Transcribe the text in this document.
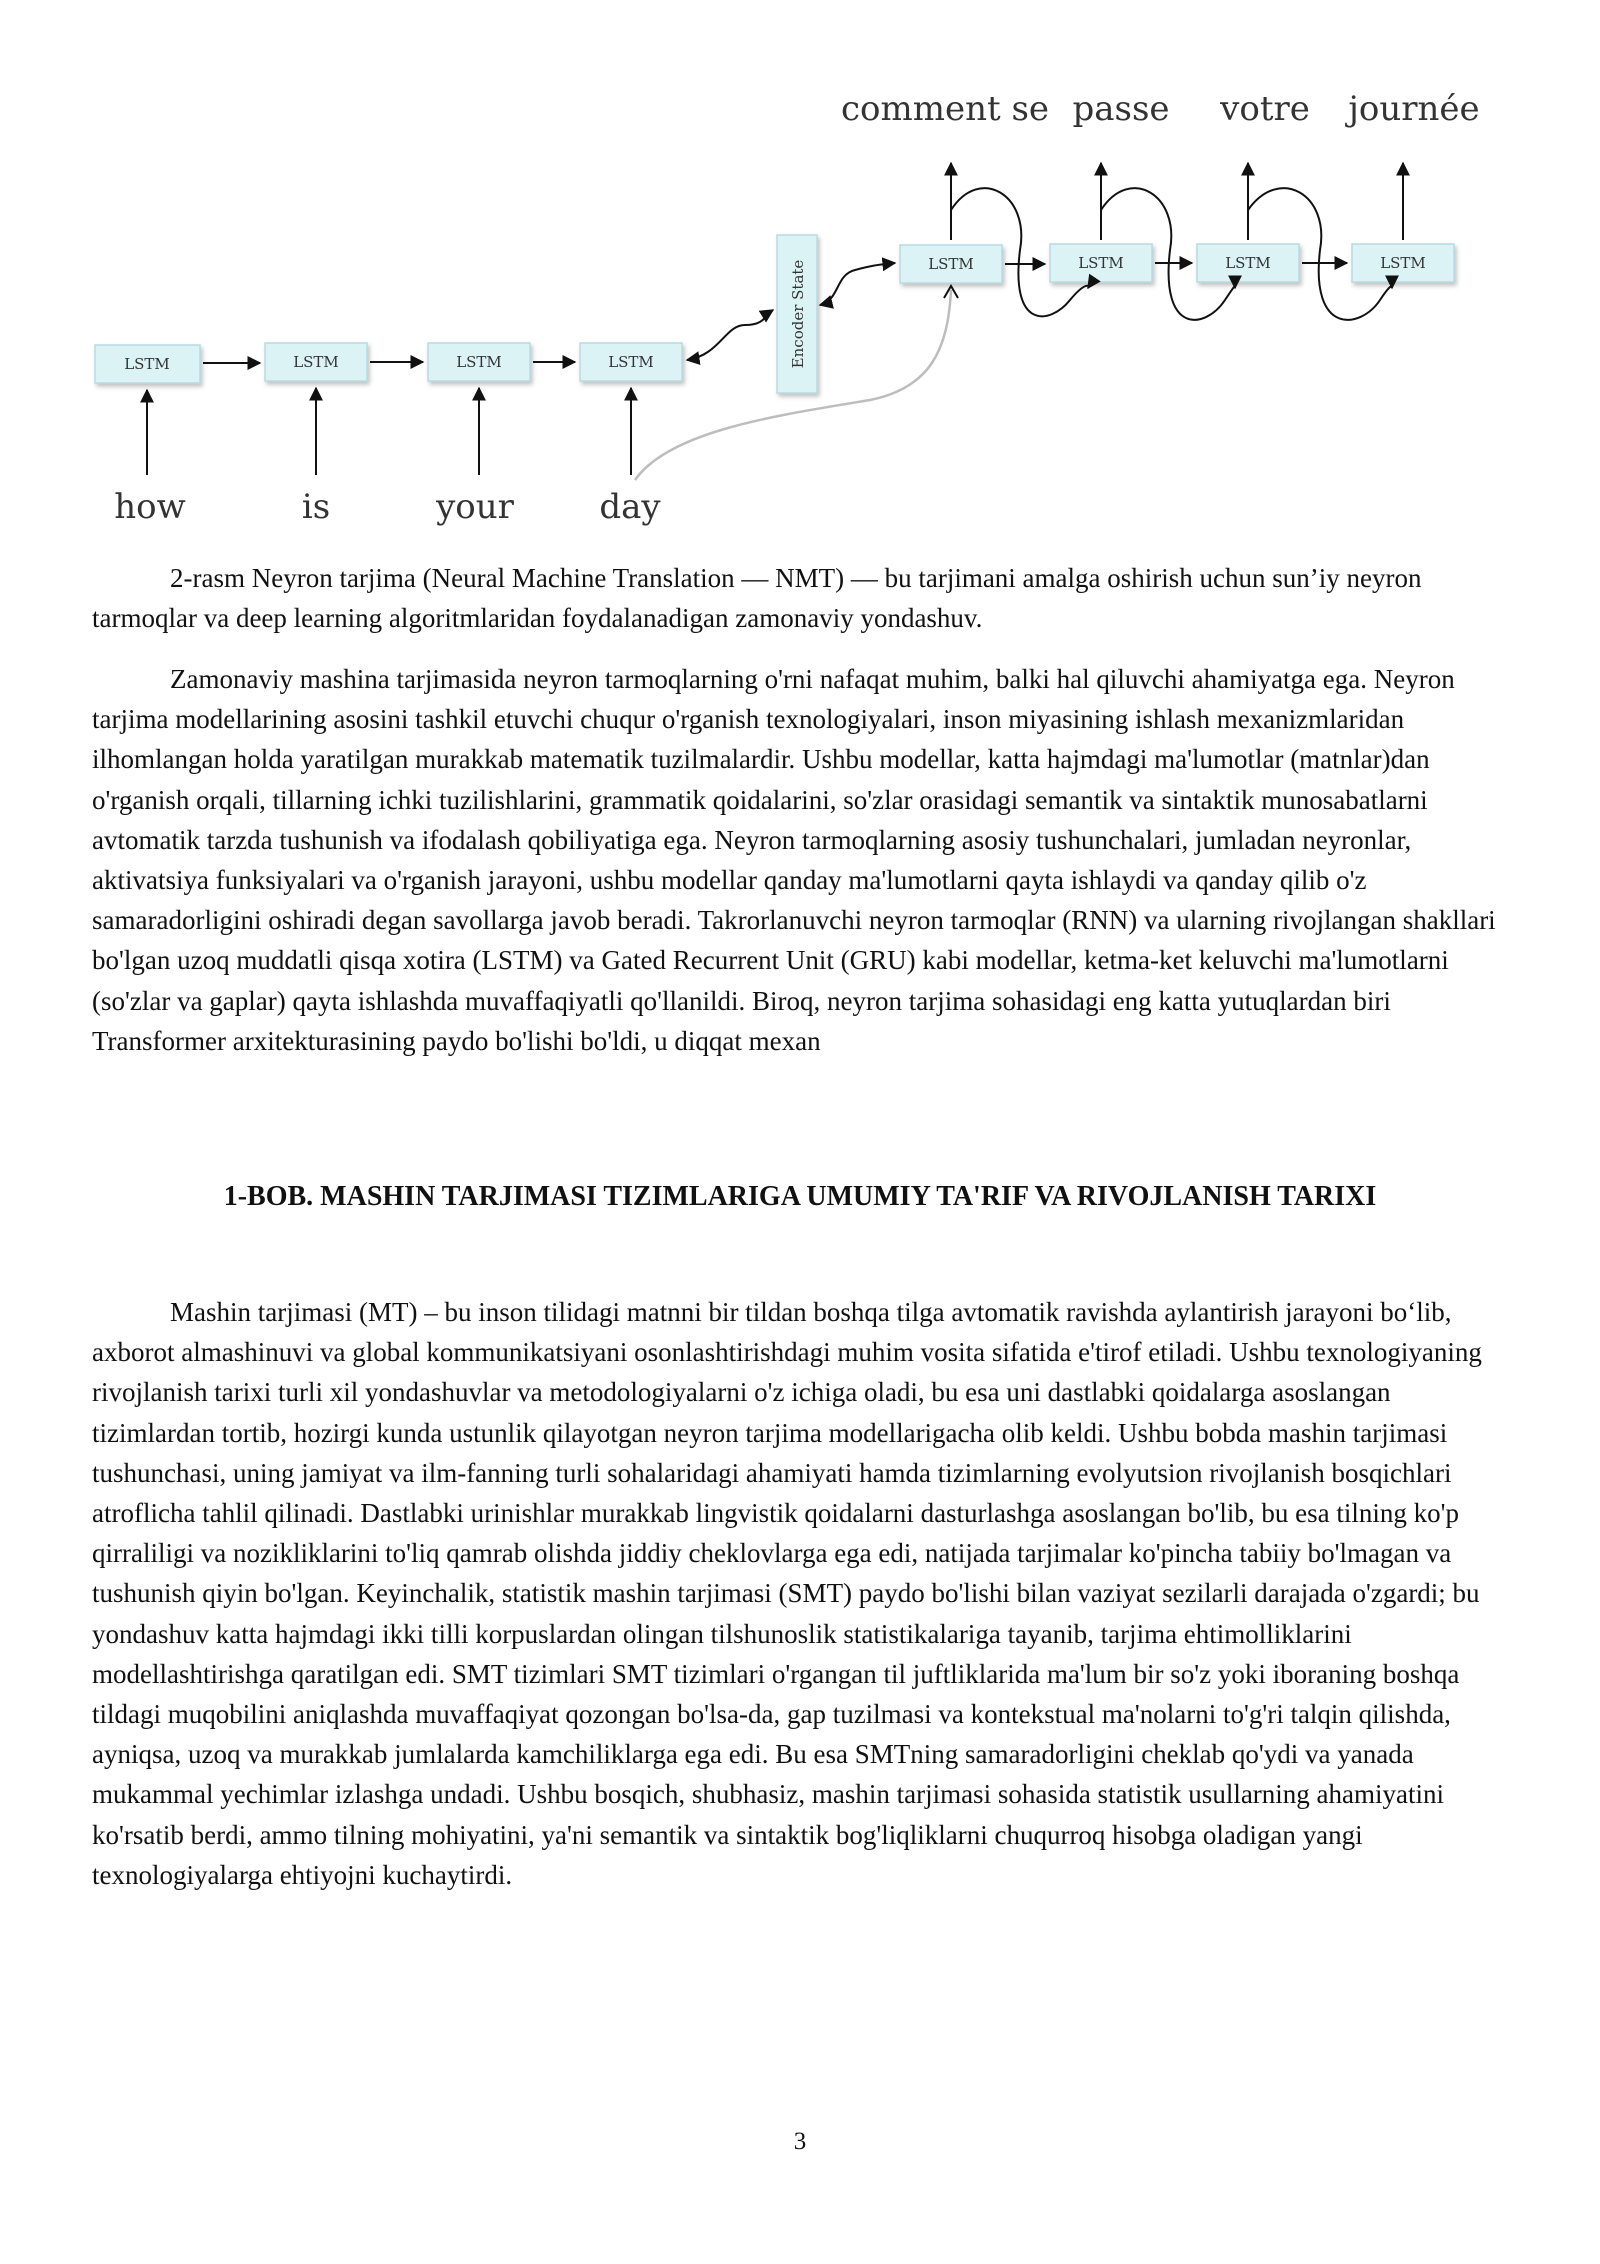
LSTM	LSTM	LSTM	LSTM	Encoder State	LSTM	LSTM	LSTM	LSTM
how	is	your	day
comment se passe votre journée

2-rasm Neyron tarjima (Neural Machine Translation — NMT) — bu tarjimani amalga oshirish uchun sun’iy neyron tarmoqlar va deep learning algoritmlaridan foydalanadigan zamonaviy yondashuv.

Zamonaviy mashina tarjimasida neyron tarmoqlarning o'rni nafaqat muhim, balki hal qiluvchi ahamiyatga ega. Neyron tarjima modellarining asosini tashkil etuvchi chuqur o'rganish texnologiyalari, inson miyasining ishlash mexanizmlaridan ilhomlangan holda yaratilgan murakkab matematik tuzilmalardir. Ushbu modellar, katta hajmdagi ma'lumotlar (matnlar)dan o'rganish orqali, tillarning ichki tuzilishlarini, grammatik qoidalarini, so'zlar orasidagi semantik va sintaktik munosabatlarni avtomatik tarzda tushunish va ifodalash qobiliyatiga ega. Neyron tarmoqlarning asosiy tushunchalari, jumladan neyronlar, aktivatsiya funksiyalari va o'rganish jarayoni, ushbu modellar qanday ma'lumotlarni qayta ishlaydi va qanday qilib o'z samaradorligini oshiradi degan savollarga javob beradi. Takrorlanuvchi neyron tarmoqlar (RNN) va ularning rivojlangan shakllari bo'lgan uzoq muddatli qisqa xotira (LSTM) va Gated Recurrent Unit (GRU) kabi modellar, ketma-ket keluvchi ma'lumotlarni (so'zlar va gaplar) qayta ishlashda muvaffaqiyatli qo'llanildi. Biroq, neyron tarjima sohasidagi eng katta yutuqlardan biri Transformer arxitekturasining paydo bo'lishi bo'ldi, u diqqat mexan

1-BOB. MASHIN TARJIMASI TIZIMLARIGA UMUMIY TA'RIF VA RIVOJLANISH TARIXI

Mashin tarjimasi (MT) – bu inson tilidagi matnni bir tildan boshqa tilga avtomatik ravishda aylantirish jarayoni bo‘lib, axborot almashinuvi va global kommunikatsiyani osonlashtirishdagi muhim vosita sifatida e'tirof etiladi. Ushbu texnologiyaning rivojlanish tarixi turli xil yondashuvlar va metodologiyalarni o'z ichiga oladi, bu esa uni dastlabki qoidalarga asoslangan tizimlardan tortib, hozirgi kunda ustunlik qilayotgan neyron tarjima modellarigacha olib keldi. Ushbu bobda mashin tarjimasi tushunchasi, uning jamiyat va ilm-fanning turli sohalaridagi ahamiyati hamda tizimlarning evolyutsion rivojlanish bosqichlari atroflicha tahlil qilinadi. Dastlabki urinishlar murakkab lingvistik qoidalarni dasturlashga asoslangan bo'lib, bu esa tilning ko'p qirraliligi va nozikliklarini to'liq qamrab olishda jiddiy cheklovlarga ega edi, natijada tarjimalar ko'pincha tabiiy bo'lmagan va tushunish qiyin bo'lgan. Keyinchalik, statistik mashin tarjimasi (SMT) paydo bo'lishi bilan vaziyat sezilarli darajada o'zgardi; bu yondashuv katta hajmdagi ikki tilli korpuslardan olingan tilshunoslik statistikalariga tayanib, tarjima ehtimolliklarini modellashtirishga qaratilgan edi. SMT tizimlari SMT tizimlari o'rgangan til juftliklarida ma'lum bir so'z yoki iboraning boshqa tildagi muqobilini aniqlashda muvaffaqiyat qozongan bo'lsa-da, gap tuzilmasi va kontekstual ma'nolarni to'g'ri talqin qilishda, ayniqsa, uzoq va murakkab jumlalarda kamchiliklarga ega edi. Bu esa SMTning samaradorligini cheklab qo'ydi va yanada mukammal yechimlar izlashga undadi. Ushbu bosqich, shubhasiz, mashin tarjimasi sohasida statistik usullarning ahamiyatini ko'rsatib berdi, ammo tilning mohiyatini, ya'ni semantik va sintaktik bog'liqliklarni chuqurroq hisobga oladigan yangi texnologiyalarga ehtiyojni kuchaytirdi.

3
